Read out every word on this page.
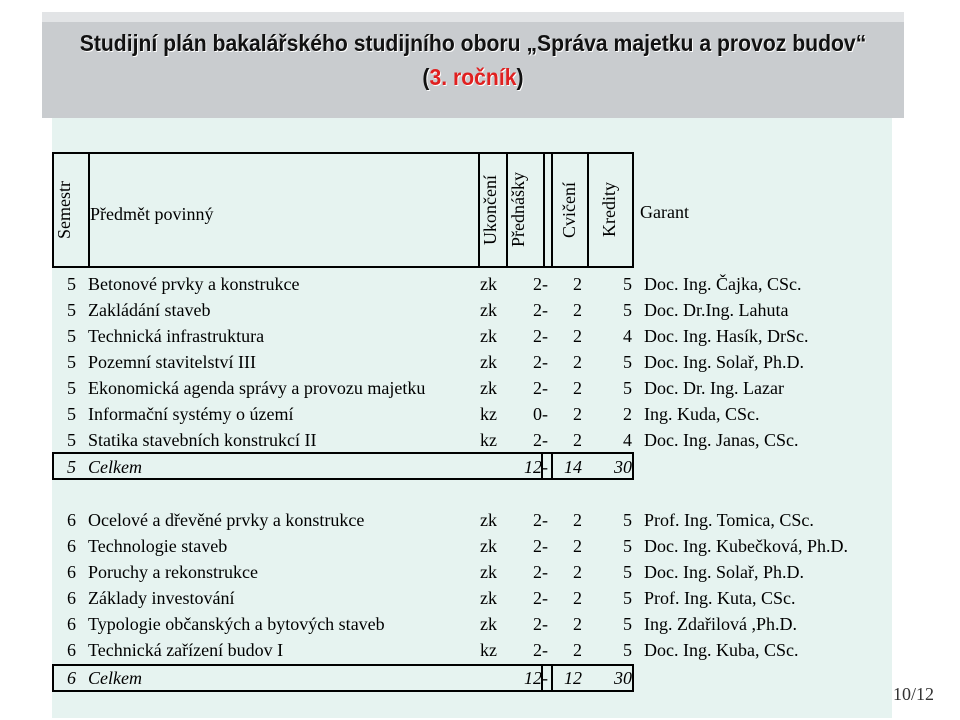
Studijní plán bakalářského studijního oboru „Správa majetku a provoz budov“
(3. ročník)
Semestr Předmět povinný	Ukončení Přednášky	Cvičení	Kredity	Garant
5 Betonové prvky a konstrukce	zk 2 - 2 5 Doc. Ing. Čajka, CSc.
5 Zakládání staveb	zk 2 - 2 5 Doc. Dr.Ing. Lahuta
5 Technická infrastruktura	zk 2 - 2 4 Doc. Ing. Hasík, DrSc.
5 Pozemní stavitelství III	zk 2 - 2 5 Doc. Ing. Solař, Ph.D.
5 Ekonomická agenda správy a provozu majetku	zk 2 - 2 5 Doc. Dr. Ing. Lazar
5 Informační systémy o území	kz 0 - 2 2 Ing. Kuda, CSc.
5 Statika stavebních konstrukcí II	kz 2 - 2 4 Doc. Ing. Janas, CSc.
5 Celkem	12 - 14	30
6 Ocelové a dřevěné prvky a konstrukce	zk 2 - 2 5 Prof. Ing. Tomica, CSc.
6 Technologie staveb	zk 2 - 2 5 Doc. Ing. Kubečková, Ph.D.
6 Poruchy a rekonstrukce	zk 2 - 2 5 Doc. Ing. Solař, Ph.D.
6 Základy investování	zk 2 - 2 5 Prof. Ing. Kuta, CSc.
6 Typologie občanských a bytových staveb	zk 2 - 2 5 Ing. Zdařilová ,Ph.D.
6 Technická zařízení budov I	kz 2 - 2 5 Doc. Ing. Kuba, CSc.
6 Celkem	12 - 12	30
10/12
